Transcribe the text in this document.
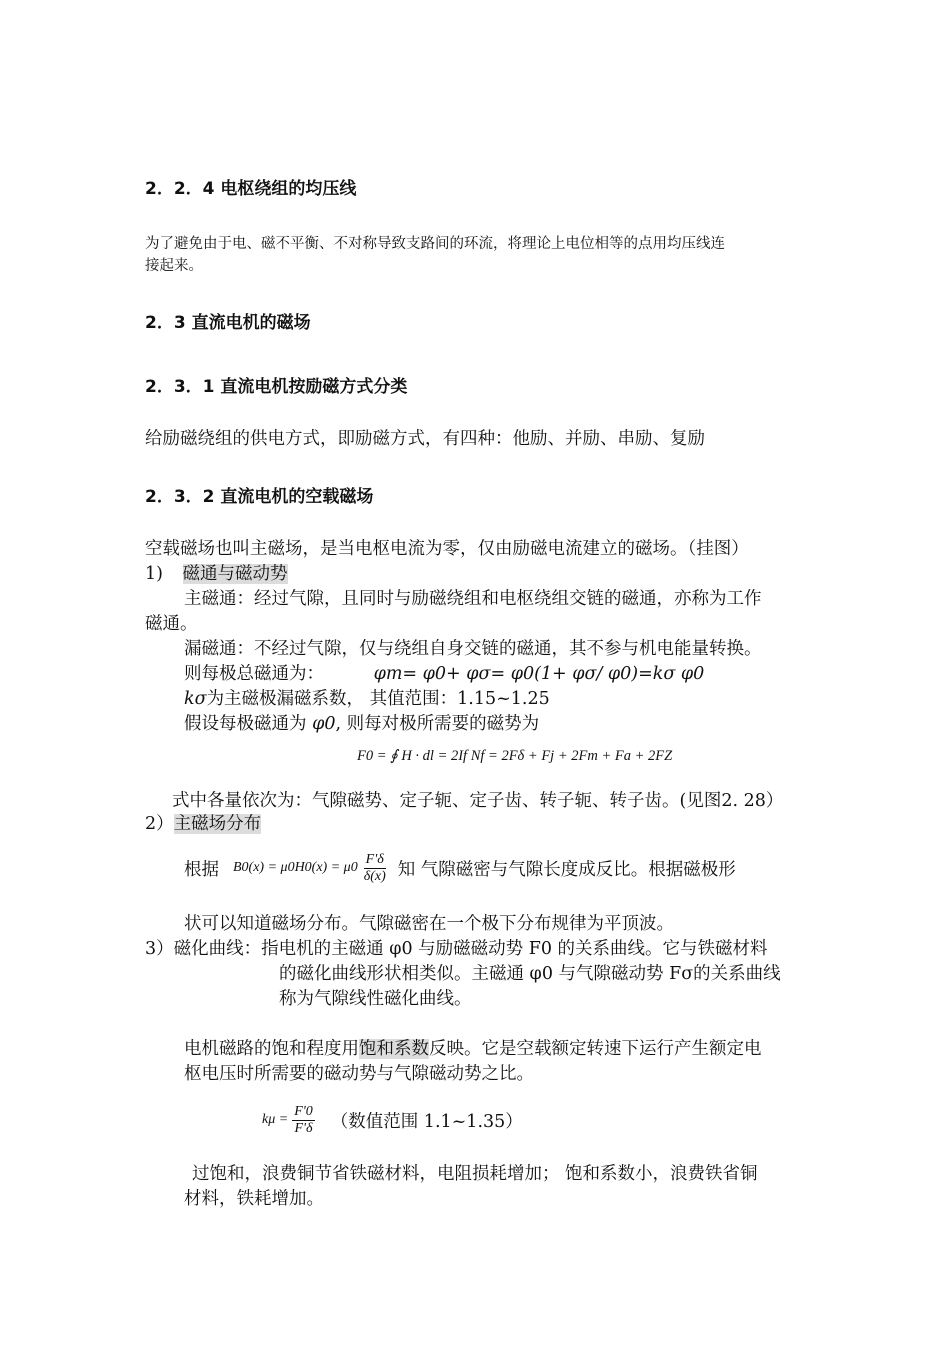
2．2．4 电枢绕组的均压线
为了避免由于电、磁不平衡、不对称导致支路间的环流，将理论上电位相等的点用均压线连
接起来。
2．3 直流电机的磁场
2．3．1 直流电机按励磁方式分类
给励磁绕组的供电方式，即励磁方式，有四种：他励、并励、串励、复励
2．3．2 直流电机的空载磁场
空载磁场也叫主磁场，是当电枢电流为零，仅由励磁电流建立的磁场。（挂图）
1) 磁通与磁动势
主磁通：经过气隙，且同时与励磁绕组和电枢绕组交链的磁通，亦称为工作
磁通。
漏磁通：不经过气隙，仅与绕组自身交链的磁通，其不参与机电能量转换。
则每极总磁通为：	φm= φ0+ φσ= φ0(1+ φσ/ φ0)=kσ φ0
kσ为主磁极漏磁系数， 其值范围：1.15~1.25
假设每极磁通为 φ0, 则每对极所需要的磁势为
F0 = ∮ H · dl = 2If Nf = 2Fδ + Fj + 2Fm + Fa + 2FZ
式中各量依次为：气隙磁势、定子轭、定子齿、转子轭、转子齿。(见图2. 28）
2）主磁场分布
根据 $B0(x) = \mu 0H0(x) = \mu 0 \frac{F'\delta}{\delta(x)}$ 知 气隙磁密与气隙长度成反比。根据磁极形
状可以知道磁场分布。气隙磁密在一个极下分布规律为平顶波。
3）磁化曲线：指电机的主磁通 φ0 与励磁磁动势 F0 的关系曲线。它与铁磁材料
的磁化曲线形状相类似。主磁通 φ0 与气隙磁动势 Fσ的关系曲线
称为气隙线性磁化曲线。
电机磁路的饱和程度用饱和系数反映。它是空载额定转速下运行产生额定电
枢电压时所需要的磁动势与气隙磁动势之比。
$k\mu = \frac{F'0}{F'\delta}$ （数值范围 1.1~1.35）
过饱和，浪费铜节省铁磁材料，电阻损耗增加； 饱和系数小，浪费铁省铜
材料，铁耗增加。
